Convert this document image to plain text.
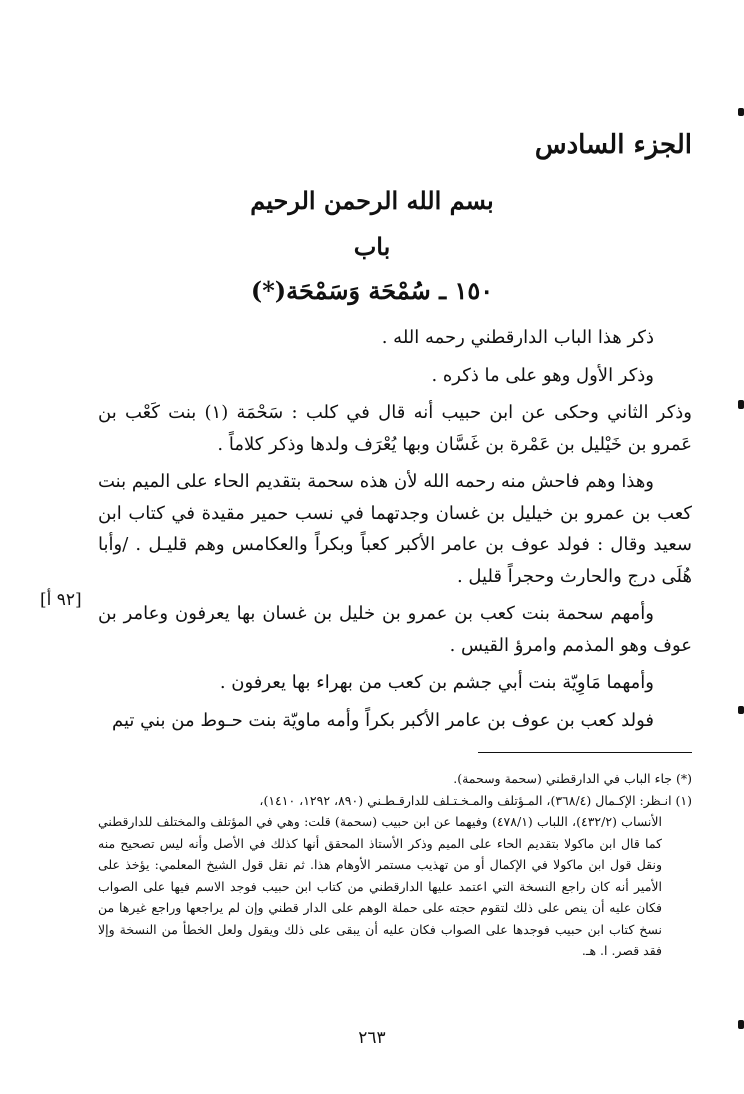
الجزء السادس
بسم الله الرحمن الرحيم
باب
١٥٠ ـ سُمْحَة وَسَمْحَة(*)

ذكر هذا الباب الدارقطني رحمه الله .

وذكر الأول وهو على ما ذكره .

وذكر الثاني وحكى عن ابن حبيب أنه قال في كلب : سَحْمَة (١) بنت كَعْب بن عَمرو بن خَيْليل بن عَمْرة بن غَسَّان وبها يُعْرَف ولدها وذكر كلاماً .

وهذا وهم فاحش منه رحمه الله لأن هذه سحمة بتقديم الحاء على الميم بنت كعب بن عمرو بن خيليل بن غسان وجدتهما في نسب حمير مقيدة في كتاب ابن سعيد وقال : فولد عوف بن عامر الأكبر كعباً وبكراً والعكامس وهم قليـل . /وأبا هُلَى درج والحارث وحجراً قليل .

وأمهم سحمة بنت كعب بن عمرو بن خليل بن غسان بها يعرفون وعامر بن عوف وهو المذمم وامرؤ القيس .

وأمهما مَاوِيّة بنت أبي جشم بن كعب من بهراء بها يعرفون .

فولد كعب بن عوف بن عامر الأكبر بكراً وأمه ماويّة بنت حـوط من بني تيم

[٩٢ أ]

(*) جاء الباب في الدارقطني (سحمة وسحمة).

(١) انـظر: الإكـمال (٣٦٨/٤)، المـؤتلف والمـخـتـلف للدارقـطـني (٨٩٠، ١٢٩٢، ١٤١٠)،

الأنساب (٤٣٢/٢)، اللباب (٤٧٨/١) وفيهما عن ابن حبيب (سحمة) قلت: وهي في المؤتلف والمختلف للدارقطني كما قال ابن ماكولا بتقديم الحاء على الميم وذكر الأستاذ المحقق أنها كذلك في الأصل وأنه ليس تصحيح منه ونقل قول ابن ماكولا في الإكمال أو من تهذيب مستمر الأوهام هذا. ثم نقل قول الشيخ المعلمي: يؤخذ على الأمير أنه كان راجع النسخة التي اعتمد عليها الدارقطني من كتاب ابن حبيب فوجد الاسم فيها على الصواب فكان عليه أن ينص على ذلك لتقوم حجته على حملة الوهم على الدار قطني وإن لم يراجعها وراجع غيرها من نسخ كتاب ابن حبيب فوجدها على الصواب فكان عليه أن يبقى على ذلك ويقول ولعل الخطأ من النسخة وإلا فقد قصر. ا. هـ.

٢٦٣
